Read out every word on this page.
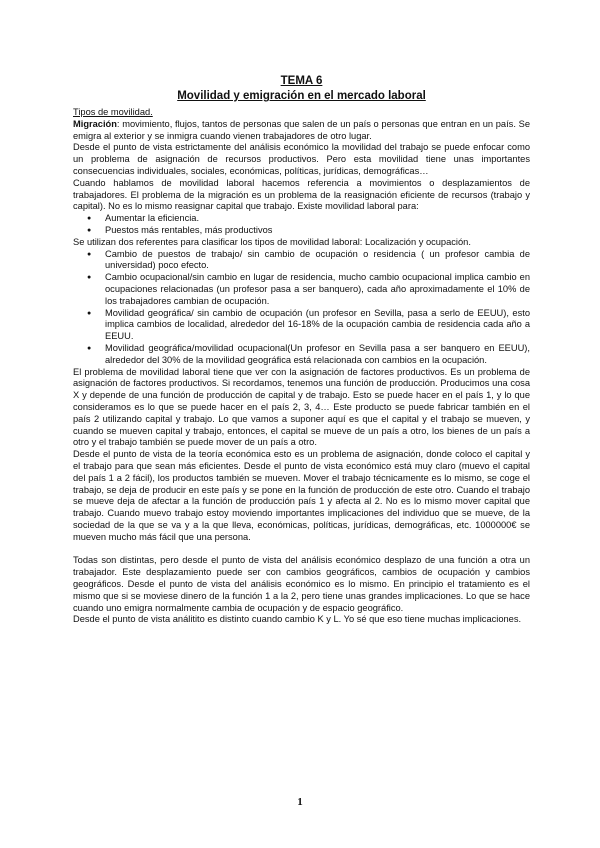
TEMA 6

Movilidad y emigración en el mercado laboral

Tipos de movilidad.

Migración: movimiento, flujos, tantos de personas que salen de un país o personas que entran en un país. Se emigra al exterior y se inmigra cuando vienen trabajadores de otro lugar.

Desde el punto de vista estrictamente del análisis económico la movilidad del trabajo se puede enfocar como un problema de asignación de recursos productivos. Pero esta movilidad tiene unas importantes consecuencias individuales, sociales, económicas, políticas, jurídicas, demográficas…

Cuando hablamos de movilidad laboral hacemos referencia a movimientos o desplazamientos de trabajadores. El problema de la migración es un problema de la reasignación eficiente de recursos (trabajo y capital). No es lo mismo reasignar capital que trabajo. Existe movilidad laboral para:

● Aumentar la eficiencia.
● Puestos más rentables, más productivos

Se utilizan dos referentes para clasificar los tipos de movilidad laboral: Localización y ocupación.

● Cambio de puestos de trabajo/ sin cambio de ocupación o residencia ( un profesor cambia de universidad) poco efecto.
● Cambio ocupacional/sin cambio en lugar de residencia, mucho cambio ocupacional implica cambio en ocupaciones relacionadas (un profesor pasa a ser banquero), cada año aproximadamente el 10% de los trabajadores cambian de ocupación.
● Movilidad geográfica/ sin cambio de ocupación (un profesor en Sevilla, pasa a serlo de EEUU), esto implica cambios de localidad, alrededor del 16-18% de la ocupación cambia de residencia cada año a EEUU.
● Movilidad geográfica/movilidad ocupacional(Un profesor en Sevilla pasa a ser banquero en EEUU), alrededor del 30% de la movilidad geográfica está relacionada con cambios en la ocupación.

El problema de movilidad laboral tiene que ver con la asignación de factores productivos. Es un problema de asignación de factores productivos. Si recordamos, tenemos una función de producción. Producimos una cosa X y depende de una función de producción de capital y de trabajo. Esto se puede hacer en el país 1, y lo que consideramos es lo que se puede hacer en el país 2, 3, 4… Este producto se puede fabricar también en el país 2 utilizando capital y trabajo. Lo que vamos a suponer aquí es que el capital y el trabajo se mueven, y cuando se mueven capital y trabajo, entonces, el capital se mueve de un país a otro, los bienes de un país a otro y el trabajo también se puede mover de un país a otro.

Desde el punto de vista de la teoría económica esto es un problema de asignación, donde coloco el capital y el trabajo para que sean más eficientes. Desde el punto de vista económico está muy claro (muevo el capital del país 1 a 2 fácil), los productos también se mueven. Mover el trabajo técnicamente es lo mismo, se coge el trabajo, se deja de producir en este país y se pone en la función de producción de este otro. Cuando el trabajo se mueve deja de afectar a la función de producción país 1 y afecta al 2. No es lo mismo mover capital que trabajo. Cuando muevo trabajo estoy moviendo importantes implicaciones del individuo que se mueve, de la sociedad de la que se va y a la que lleva, económicas, políticas, jurídicas, demográficas, etc. 1000000€ se mueven mucho más fácil que una persona.

Todas son distintas, pero desde el punto de vista del análisis económico desplazo de una función a otra un trabajador. Este desplazamiento puede ser con cambios geográficos, cambios de ocupación y cambios geográficos. Desde el punto de vista del análisis económico es lo mismo. En principio el tratamiento es el mismo que si se moviese dinero de la función 1 a la 2, pero tiene unas grandes implicaciones. Lo que se hace cuando uno emigra normalmente cambia de ocupación y de espacio geográfico.

Desde el punto de vista análitito es distinto cuando cambio K y L. Yo sé que eso tiene muchas implicaciones.

1
